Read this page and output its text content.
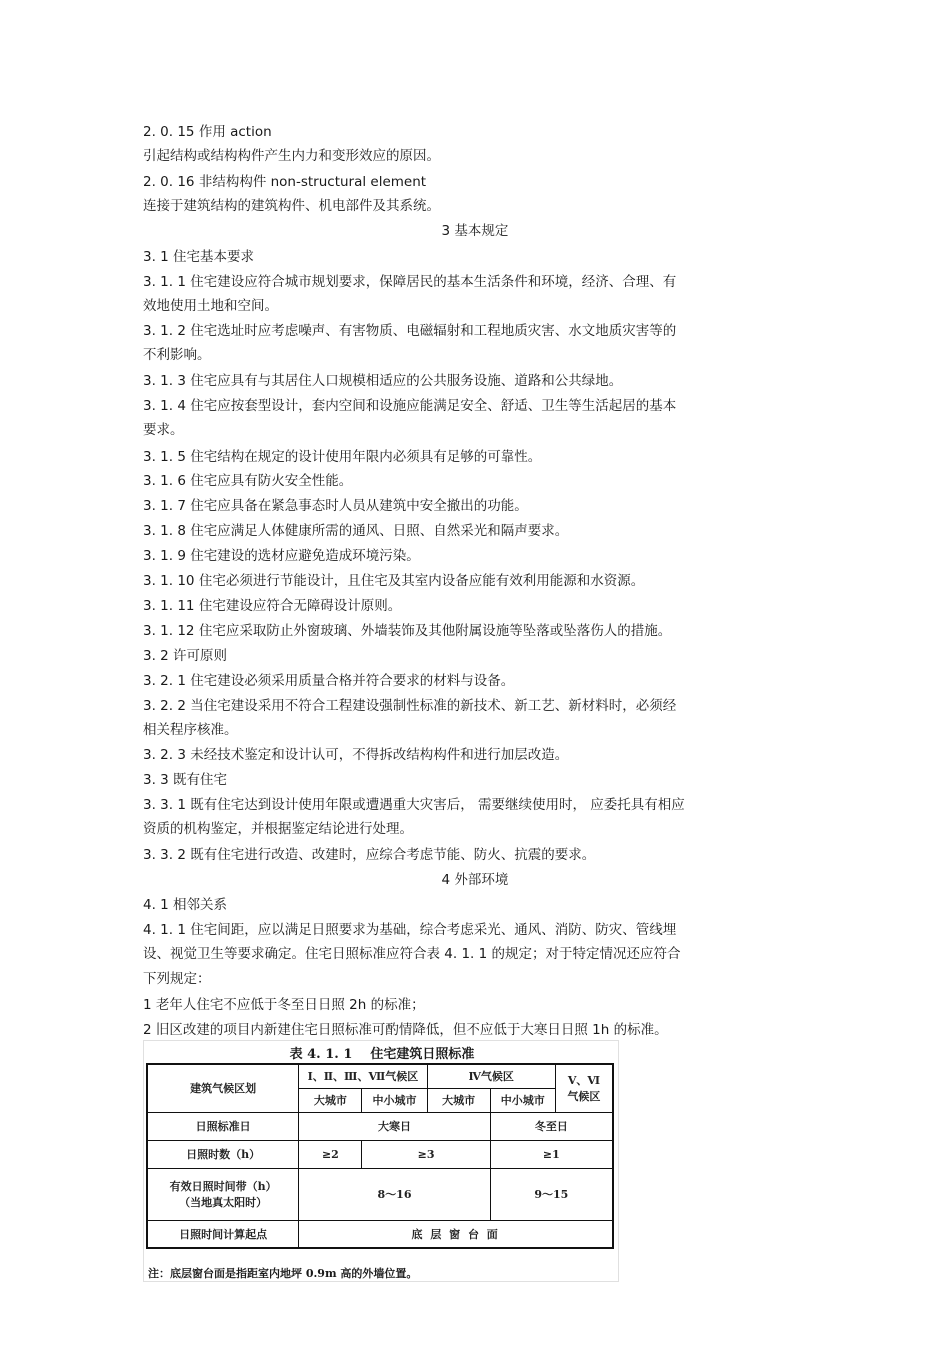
2. 0. 15 作用 action
引起结构或结构构件产生内力和变形效应的原因。
2. 0. 16 非结构构件 non-structural element
连接于建筑结构的建筑构件、机电部件及其系统。
3 基本规定
3. 1 住宅基本要求
3. 1. 1 住宅建设应符合城市规划要求，保障居民的基本生活条件和环境，经济、合理、有
效地使用土地和空间。
3. 1. 2 住宅选址时应考虑噪声、有害物质、电磁辐射和工程地质灾害、水文地质灾害等的
不利影响。
3. 1. 3 住宅应具有与其居住人口规模相适应的公共服务设施、道路和公共绿地。
3. 1. 4 住宅应按套型设计，套内空间和设施应能满足安全、舒适、卫生等生活起居的基本
要求。
3. 1. 5 住宅结构在规定的设计使用年限内必须具有足够的可靠性。
3. 1. 6 住宅应具有防火安全性能。
3. 1. 7 住宅应具备在紧急事态时人员从建筑中安全撤出的功能。
3. 1. 8 住宅应满足人体健康所需的通风、日照、自然采光和隔声要求。
3. 1. 9 住宅建设的选材应避免造成环境污染。
3. 1. 10 住宅必须进行节能设计，且住宅及其室内设备应能有效利用能源和水资源。
3. 1. 11 住宅建设应符合无障碍设计原则。
3. 1. 12 住宅应采取防止外窗玻璃、外墙装饰及其他附属设施等坠落或坠落伤人的措施。
3. 2 许可原则
3. 2. 1 住宅建设必须采用质量合格并符合要求的材料与设备。
3. 2. 2 当住宅建设采用不符合工程建设强制性标准的新技术、新工艺、新材料时，必须经
相关程序核准。
3. 2. 3 未经技术鉴定和设计认可，不得拆改结构构件和进行加层改造。
3. 3 既有住宅
3. 3. 1 既有住宅达到设计使用年限或遭遇重大灾害后， 需要继续使用时， 应委托具有相应
资质的机构鉴定，并根据鉴定结论进行处理。
3. 3. 2 既有住宅进行改造、改建时，应综合考虑节能、防火、抗震的要求。
4 外部环境
4. 1 相邻关系
4. 1. 1 住宅间距，应以满足日照要求为基础，综合考虑采光、通风、消防、防灾、管线埋
设、视觉卫生等要求确定。住宅日照标准应符合表 4. 1. 1 的规定；对于特定情况还应符合
下列规定：
1 老年人住宅不应低于冬至日日照 2h 的标准；
2 旧区改建的项目内新建住宅日照标准可酌情降低，但不应低于大寒日日照 1h 的标准。
表 4. 1. 1 住宅建筑日照标准
建筑气候区划	Ⅰ、Ⅱ、Ⅲ、Ⅶ气候区		Ⅳ气候区		Ⅴ、Ⅵ
气候区
	大城市	中小城市	大城市	中小城市	
日照标准日	大寒日			冬至日	
日照时数（h）	≥2	≥3		≥1	
有效日照时间带（h）
（当地真太阳时）	8～16			9～15	
日照时间计算起点	底 层 窗 台 面				
注：底层窗台面是指距室内地坪 0.9m 高的外墙位置。
